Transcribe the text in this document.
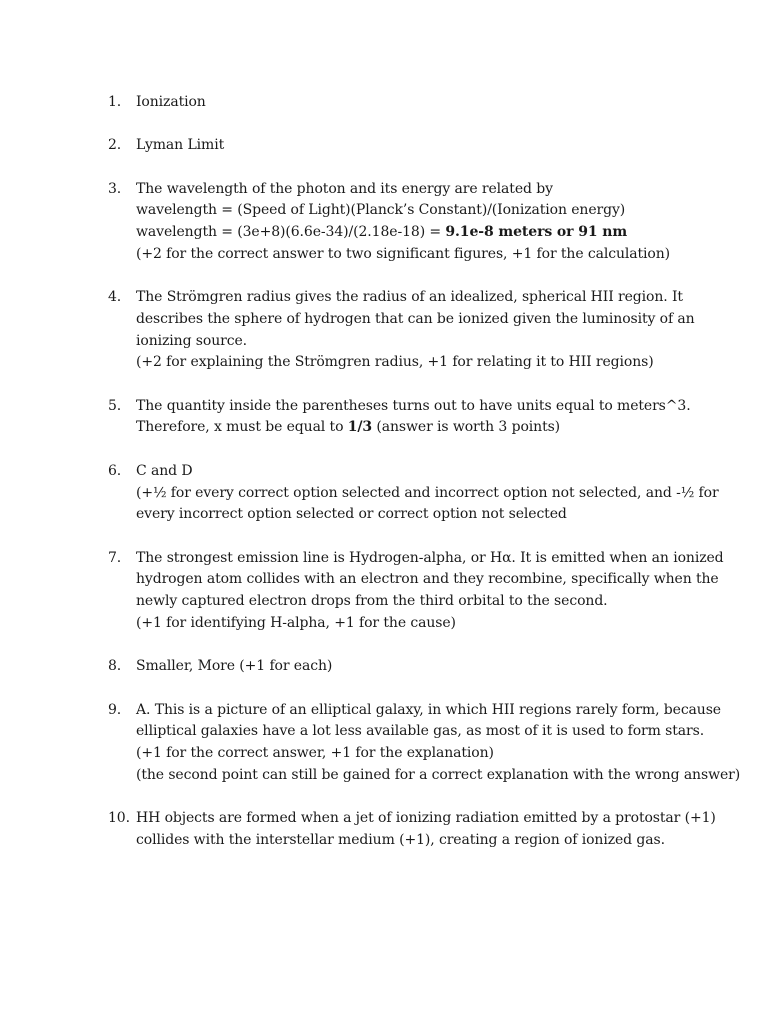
1.	Ionization
2.	Lyman Limit
3.	The wavelength of the photon and its energy are related by
wavelength = (Speed of Light)(Planck’s Constant)/(Ionization energy)
wavelength = (3e+8)(6.6e-34)/(2.18e-18) = 9.1e-8 meters or 91 nm
(+2 for the correct answer to two significant figures, +1 for the calculation)
4.	The Strömgren radius gives the radius of an idealized, spherical HII region. It
describes the sphere of hydrogen that can be ionized given the luminosity of an
ionizing source.
(+2 for explaining the Strömgren radius, +1 for relating it to HII regions)
5.	The quantity inside the parentheses turns out to have units equal to meters^3.
Therefore, x must be equal to 1/3 (answer is worth 3 points)
6.	C and D
(+½ for every correct option selected and incorrect option not selected, and -½ for
every incorrect option selected or correct option not selected
7.	The strongest emission line is Hydrogen-alpha, or Hα. It is emitted when an ionized
hydrogen atom collides with an electron and they recombine, specifically when the
newly captured electron drops from the third orbital to the second.
(+1 for identifying H-alpha, +1 for the cause)
8.	Smaller, More (+1 for each)
9.	A. This is a picture of an elliptical galaxy, in which HII regions rarely form, because
elliptical galaxies have a lot less available gas, as most of it is used to form stars.
(+1 for the correct answer, +1 for the explanation)
(the second point can still be gained for a correct explanation with the wrong answer)
10. HH objects are formed when a jet of ionizing radiation emitted by a protostar (+1)
collides with the interstellar medium (+1), creating a region of ionized gas.
